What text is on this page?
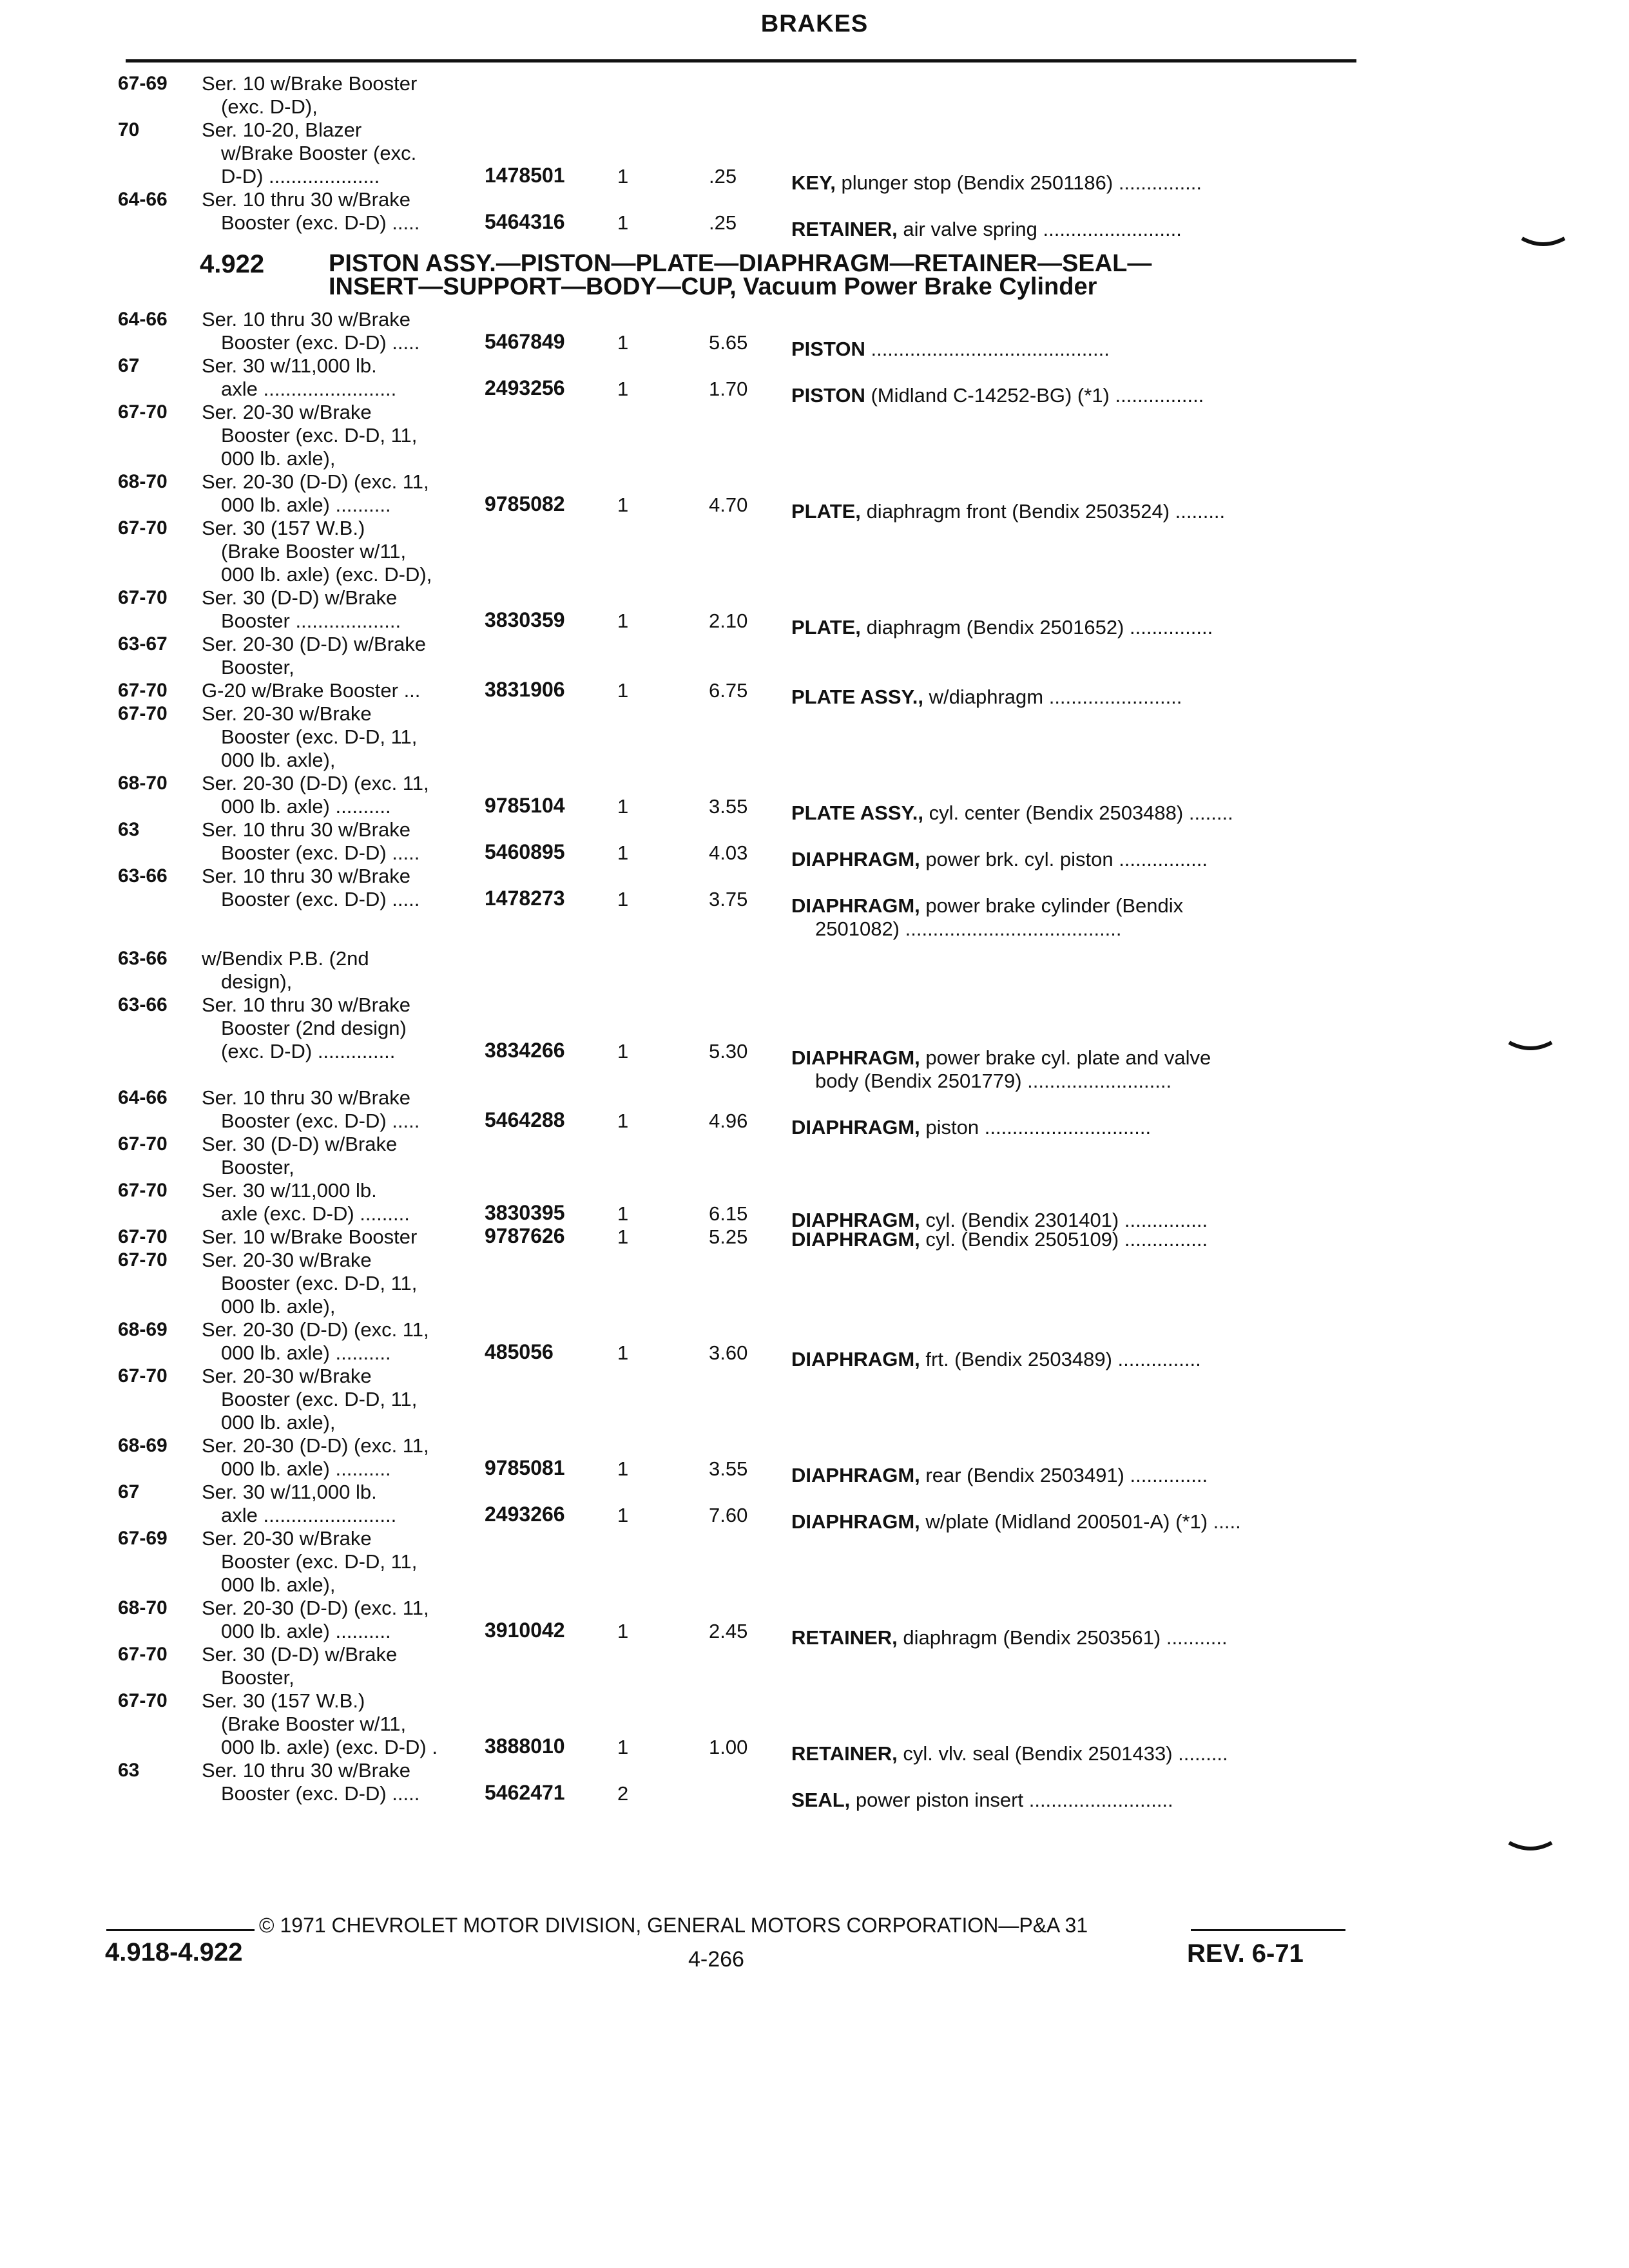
BRAKES
67-69 Ser. 10 w/Brake Booster
(exc. D-D),
70	Ser. 10-20, Blazer
w/Brake Booster (exc.
D-D) ....................	1478501	1	.25	KEY, plunger stop (Bendix 2501186) ...............
64-66 Ser. 10 thru 30 w/Brake
Booster (exc. D-D) .....	5464316	1	.25	RETAINER, air valve spring .........................
64-66 Ser. 10 thru 30 w/Brake
Booster (exc. D-D) .....	5467849	1	5.65 PISTON ...........................................
67	Ser. 30 w/11,000 lb.
axle ........................	2493256	1	1.70 PISTON (Midland C-14252-BG) (*1) ................
67-70 Ser. 20-30 w/Brake
Booster (exc. D-D, 11,
000 lb. axle),
68-70 Ser. 20-30 (D-D) (exc. 11,
000 lb. axle) ..........	9785082	1	4.70 PLATE, diaphragm front (Bendix 2503524) .........
67-70 Ser. 30 (157 W.B.)
(Brake Booster w/11,
000 lb. axle) (exc. D-D),
67-70 Ser. 30 (D-D) w/Brake
Booster ...................	3830359	1	2.10 PLATE, diaphragm (Bendix 2501652) ...............
63-67 Ser. 20-30 (D-D) w/Brake
Booster,
67-70 G-20 w/Brake Booster ...	3831906	1	6.75 PLATE ASSY., w/diaphragm ........................
67-70 Ser. 20-30 w/Brake
Booster (exc. D-D, 11,
000 lb. axle),
68-70 Ser. 20-30 (D-D) (exc. 11,
000 lb. axle) ..........	9785104	1	3.55 PLATE ASSY., cyl. center (Bendix 2503488) ........
63	Ser. 10 thru 30 w/Brake
Booster (exc. D-D) .....	5460895	1	4.03 DIAPHRAGM, power brk. cyl. piston ................
63-66 Ser. 10 thru 30 w/Brake
Booster (exc. D-D) .....	1478273	1	3.75 DIAPHRAGM, power brake cylinder (Bendix
2501082) .......................................
63-66 w/Bendix P.B. (2nd
design),
63-66 Ser. 10 thru 30 w/Brake
Booster (2nd design)
(exc. D-D) ..............	3834266	1	5.30 DIAPHRAGM, power brake cyl. plate and valve
body (Bendix 2501779) ..........................
64-66 Ser. 10 thru 30 w/Brake
Booster (exc. D-D) .....	5464288	1	4.96 DIAPHRAGM, piston ..............................
67-70 Ser. 30 (D-D) w/Brake
Booster,
67-70 Ser. 30 w/11,000 lb.
axle (exc. D-D) .........	3830395	1	6.15 DIAPHRAGM, cyl. (Bendix 2301401) ...............
67-70 Ser. 10 w/Brake Booster	9787626	1	5.25 DIAPHRAGM, cyl. (Bendix 2505109) ...............
67-70 Ser. 20-30 w/Brake
Booster (exc. D-D, 11,
000 lb. axle),
68-69 Ser. 20-30 (D-D) (exc. 11,
000 lb. axle) ..........	485056	1	3.60 DIAPHRAGM, frt. (Bendix 2503489) ...............
67-70 Ser. 20-30 w/Brake
Booster (exc. D-D, 11,
000 lb. axle),
68-69 Ser. 20-30 (D-D) (exc. 11,
000 lb. axle) ..........	9785081	1	3.55 DIAPHRAGM, rear (Bendix 2503491) ..............
67	Ser. 30 w/11,000 lb.
axle ........................	2493266	1	7.60 DIAPHRAGM, w/plate (Midland 200501-A) (*1) .....
67-69 Ser. 20-30 w/Brake
Booster (exc. D-D, 11,
000 lb. axle),
68-70 Ser. 20-30 (D-D) (exc. 11,
000 lb. axle) ..........	3910042	1	2.45 RETAINER, diaphragm (Bendix 2503561) ...........
67-70 Ser. 30 (D-D) w/Brake
Booster,
67-70 Ser. 30 (157 W.B.)
(Brake Booster w/11,
000 lb. axle) (exc. D-D) . 3888010	1	1.00 RETAINER, cyl. vlv. seal (Bendix 2501433) .........
63	Ser. 10 thru 30 w/Brake
Booster (exc. D-D) .....	5462471	2	SEAL, power piston insert ..........................
4.922	PISTON ASSY.—PISTON—PLATE—DIAPHRAGM—RETAINER—SEAL—
INSERT—SUPPORT—BODY—CUP, Vacuum Power Brake Cylinder
© 1971 CHEVROLET MOTOR DIVISION, GENERAL MOTORS CORPORATION—P&A 31
4.918-4.922	4-266	REV. 6-71
